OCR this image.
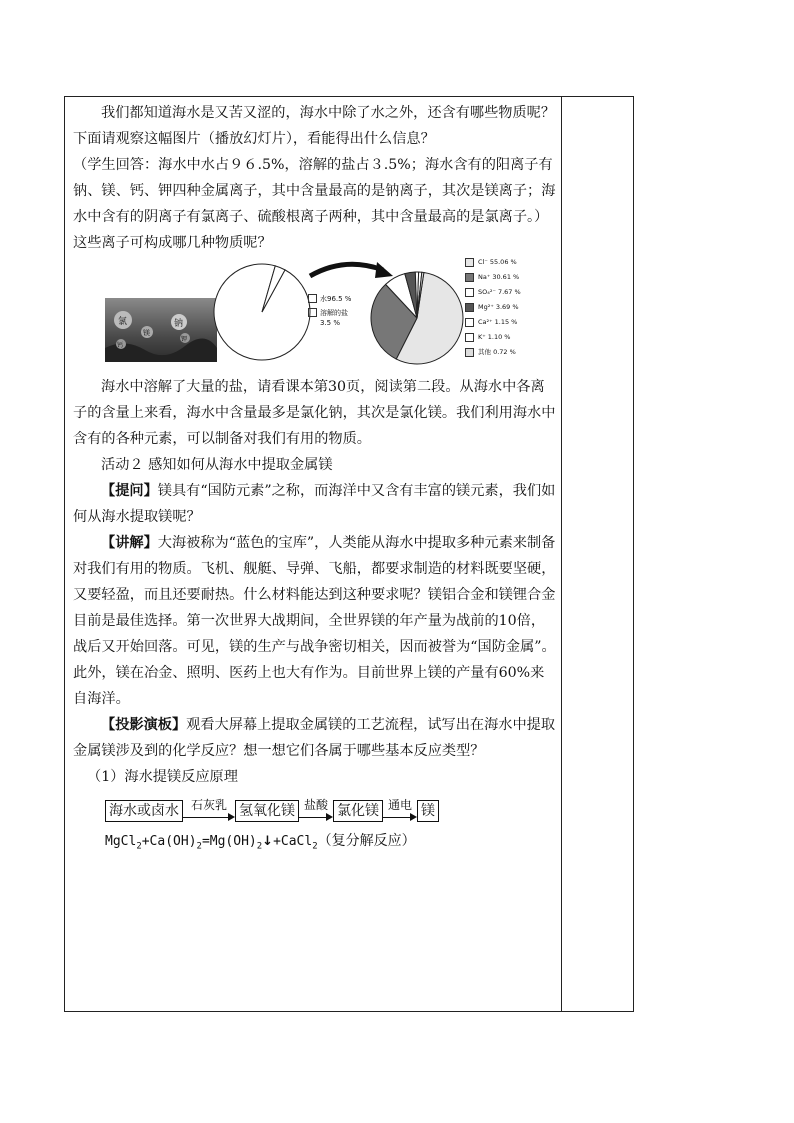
我们都知道海水是又苦又涩的，海水中除了水之外，还含有哪些物质呢？下面请观察这幅图片（播放幻灯片），看能得出什么信息？

（学生回答：海水中水占９６.5%，溶解的盐占３.5%；海水含有的阳离子有钠、镁、钙、钾四种金属离子，其中含量最高的是钠离子，其次是镁离子；海水中含有的阴离子有氯离子、硫酸根离子两种，其中含量最高的是氯离子。）这些离子可构成哪几种物质呢？

氯
镁
钠
钾
钙
水96.5 %
溶解的盐 3.5 %
Cl⁻ 55.06 %
Na⁺ 30.61 %
SO₄²⁻ 7.67 %
Mg²⁺ 3.69 %
Ca²⁺ 1.15 %
K⁺ 1.10 %
其他 0.72 %

海水中溶解了大量的盐，请看课本第30页，阅读第二段。从海水中各离子的含量上来看，海水中含量最多是氯化钠，其次是氯化镁。我们利用海水中含有的各种元素，可以制备对我们有用的物质。

活动２ 感知如何从海水中提取金属镁

【提问】镁具有“国防元素”之称，而海洋中又含有丰富的镁元素，我们如何从海水提取镁呢？

【讲解】大海被称为“蓝色的宝库”，人类能从海水中提取多种元素来制备对我们有用的物质。飞机、舰艇、导弹、飞船，都要求制造的材料既要坚硬，又要轻盈，而且还要耐热。什么材料能达到这种要求呢？镁铝合金和镁锂合金目前是最佳选择。第一次世界大战期间，全世界镁的年产量为战前的10倍，战后又开始回落。可见，镁的生产与战争密切相关，因而被誉为“国防金属”。此外，镁在冶金、照明、医药上也大有作为。目前世界上镁的产量有60%来自海洋。

【投影演板】观看大屏幕上提取金属镁的工艺流程，试写出在海水中提取金属镁涉及到的化学反应？想一想它们各属于哪些基本反应类型？

（1）海水提镁反应原理

海水或卤水 石灰乳 氢氧化镁 盐酸 氯化镁 通电 镁
$MgCl_2+Ca(OH)_2=Mg(OH)_2↓+CaCl_2$（复分解反应）
